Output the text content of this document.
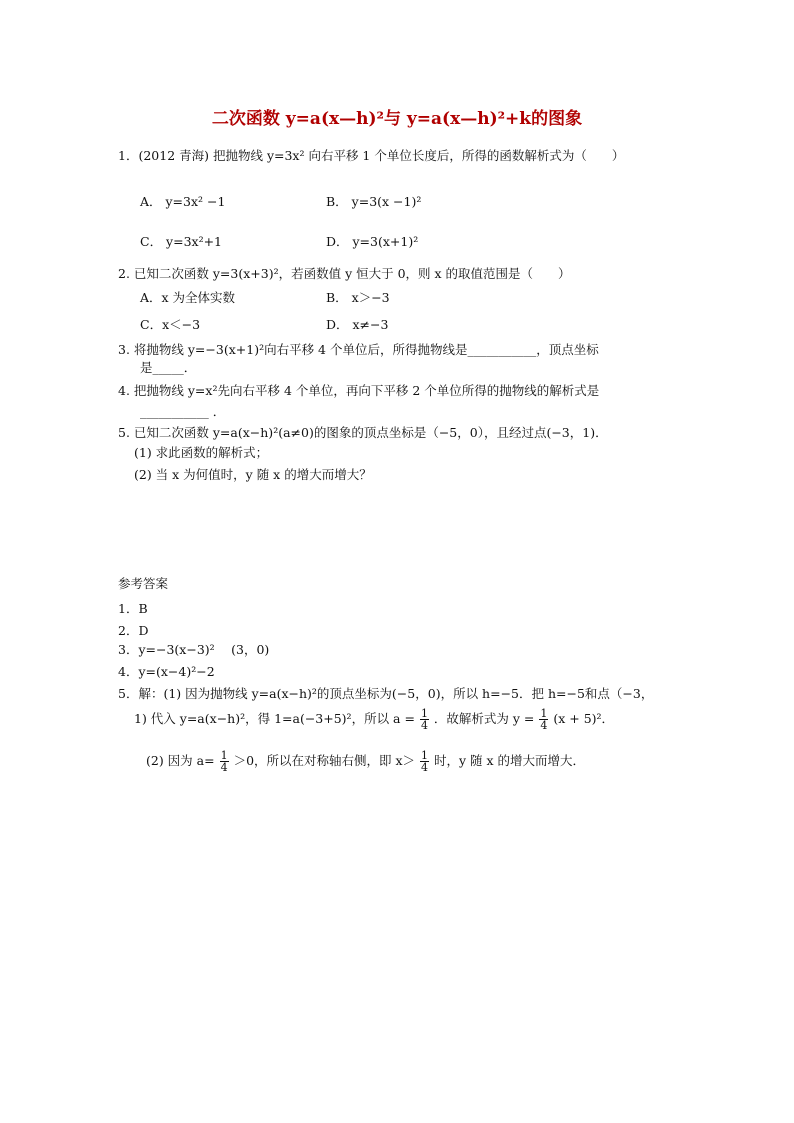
二次函数 y=a(x—h)²与 y=a(x—h)²+k的图象
1．(2012 青海) 把抛物线 y=3x² 向右平移 1 个单位长度后，所得的函数解析式为（　　）
A． y=3x² −1	B． y=3(x −1)²
C． y=3x²+1	D． y=3(x+1)²
2. 已知二次函数 y=3(x+3)²，若函数值 y 恒大于 0，则 x 的取值范围是（　　）
A．x 为全体实数	B． x＞−3
C．x＜−3	D． x≠−3
3. 将抛物线 y=−3(x+1)²向右平移 4 个单位后，所得抛物线是___________，顶点坐标
是_____．
4. 把抛物线 y=x²先向右平移 4 个单位，再向下平移 2 个单位所得的抛物线的解析式是
___________ ．
5. 已知二次函数 y=a(x−h)²(a≠0)的图象的顶点坐标是（−5，0），且经过点(−3，1)．
(1) 求此函数的解析式；
(2) 当 x 为何值时，y 随 x 的增大而增大？
参考答案
1．B
2．D
3．y=−3(x−3)²　 (3，0)
4．y=(x−4)²−2
5．解：(1) 因为抛物线 y=a(x−h)²的顶点坐标为(−5，0)，所以 h=−5．把 h=−5和点（−3，
1) 代入 y=a(x−h)²，得 1=a(−3+5)²，所以 $a = \frac{1}{4}$ ．故解析式为 $y = \frac{1}{4} (x + 5)^2$．
(2) 因为 $a= \frac{1}{4} >0$，所以在对称轴右侧，即 $x> \frac{1}{4}$ 时，y 随 x 的增大而增大．
